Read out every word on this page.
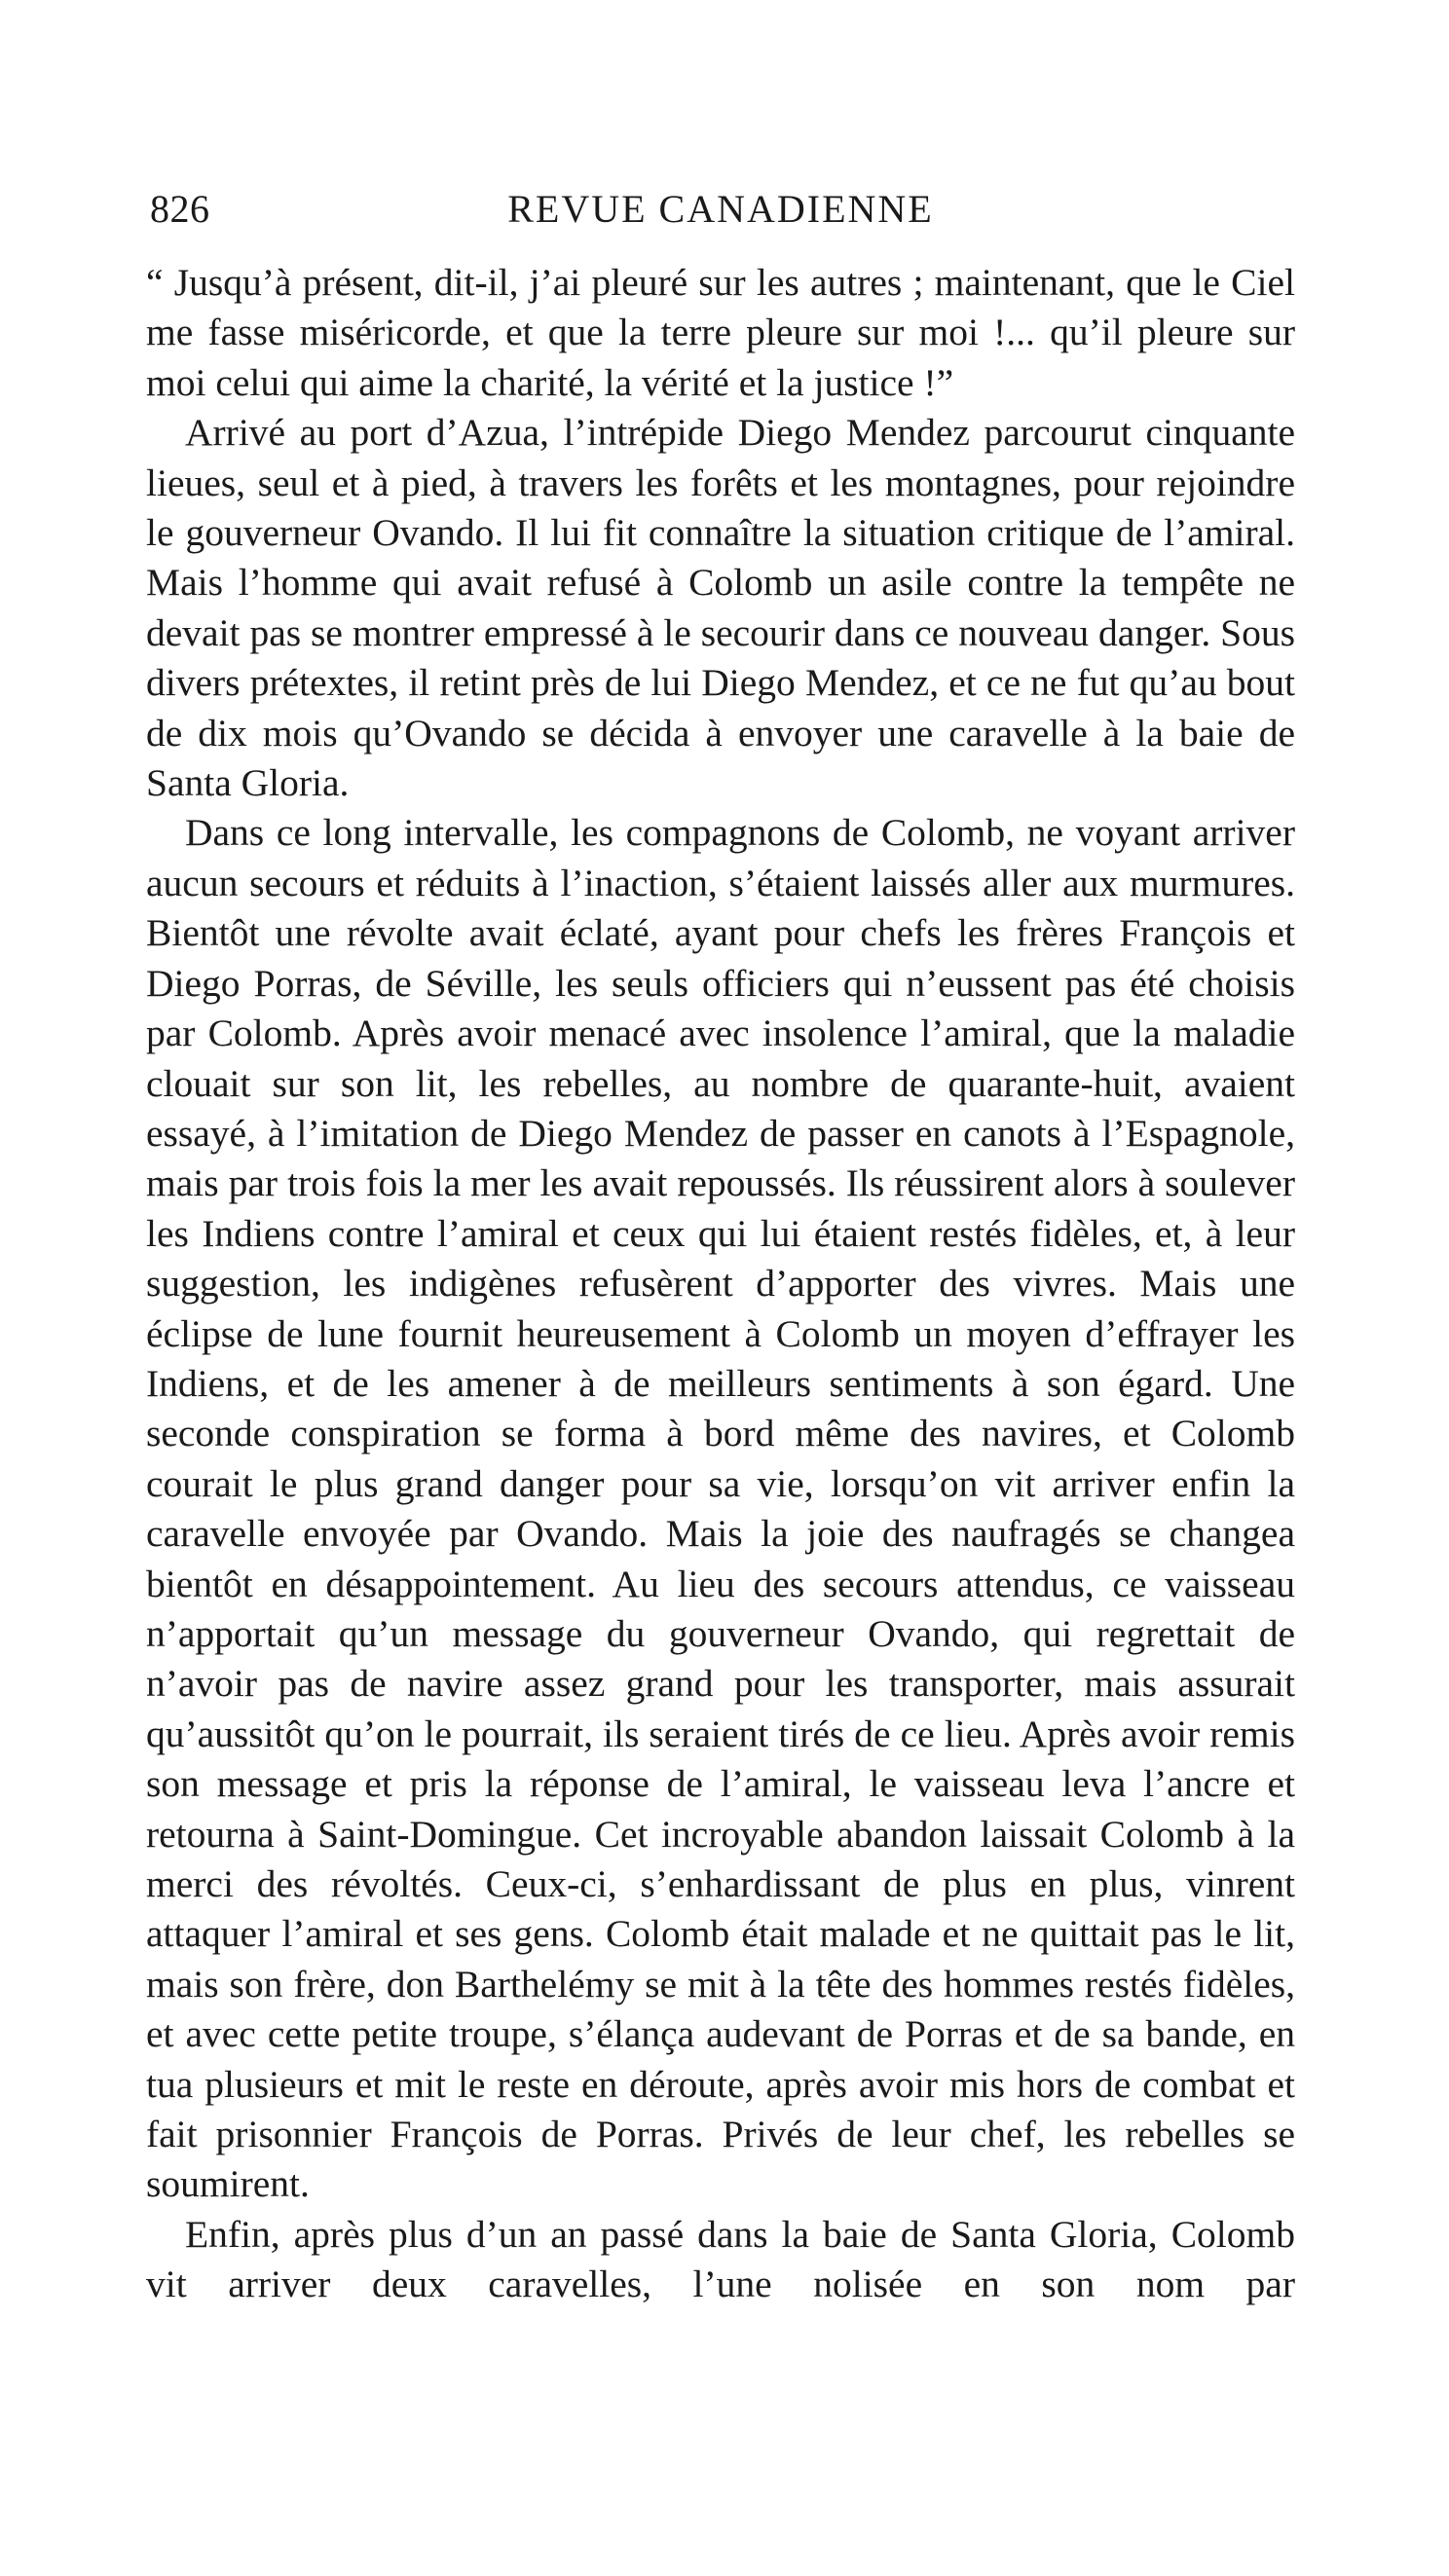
826	REVUE CANADIENNE

“ Jusqu’à présent, dit-il, j’ai pleuré sur les autres ; maintenant, que le Ciel me fasse miséricorde, et que la terre pleure sur moi !... qu’il pleure sur moi celui qui aime la charité, la vérité et la justice !”

Arrivé au port d’Azua, l’intrépide Diego Mendez parcourut cinquante lieues, seul et à pied, à travers les forêts et les montagnes, pour rejoindre le gouverneur Ovando. Il lui fit connaître la situation critique de l’amiral. Mais l’homme qui avait refusé à Colomb un asile contre la tempête ne devait pas se montrer empressé à le secourir dans ce nouveau danger. Sous divers prétextes, il retint près de lui Diego Mendez, et ce ne fut qu’au bout de dix mois qu’Ovando se décida à envoyer une caravelle à la baie de Santa Gloria.

Dans ce long intervalle, les compagnons de Colomb, ne voyant arriver aucun secours et réduits à l’inaction, s’étaient laissés aller aux murmures. Bientôt une révolte avait éclaté, ayant pour chefs les frères François et Diego Porras, de Séville, les seuls officiers qui n’eussent pas été choisis par Colomb. Après avoir menacé avec insolence l’amiral, que la maladie clouait sur son lit, les rebelles, au nombre de quarante-huit, avaient essayé, à l’imitation de Diego Mendez de passer en canots à l’Espagnole, mais par trois fois la mer les avait repoussés. Ils réussirent alors à soulever les Indiens contre l’amiral et ceux qui lui étaient restés fidèles, et, à leur suggestion, les indigènes refusèrent d’apporter des vivres. Mais une éclipse de lune fournit heureusement à Colomb un moyen d’effrayer les Indiens, et de les amener à de meilleurs sentiments à son égard. Une seconde conspiration se forma à bord même des navires, et Colomb courait le plus grand danger pour sa vie, lorsqu’on vit arriver enfin la caravelle envoyée par Ovando. Mais la joie des naufragés se changea bientôt en désappointement. Au lieu des secours attendus, ce vaisseau n’apportait qu’un message du gouverneur Ovando, qui regrettait de n’avoir pas de navire assez grand pour les transporter, mais assurait qu’aussitôt qu’on le pourrait, ils seraient tirés de ce lieu. Après avoir remis son message et pris la réponse de l’amiral, le vaisseau leva l’ancre et retourna à Saint-Domingue. Cet incroyable abandon laissait Colomb à la merci des révoltés. Ceux-ci, s’enhardissant de plus en plus, vinrent attaquer l’amiral et ses gens. Colomb était malade et ne quittait pas le lit, mais son frère, don Barthelémy se mit à la tête des hommes restés fidèles, et avec cette petite troupe, s’élança audevant de Porras et de sa bande, en tua plusieurs et mit le reste en déroute, après avoir mis hors de combat et fait prisonnier François de Porras. Privés de leur chef, les rebelles se soumirent.

Enfin, après plus d’un an passé dans la baie de Santa Gloria, Colomb vit arriver deux caravelles, l’une nolisée en son nom par
